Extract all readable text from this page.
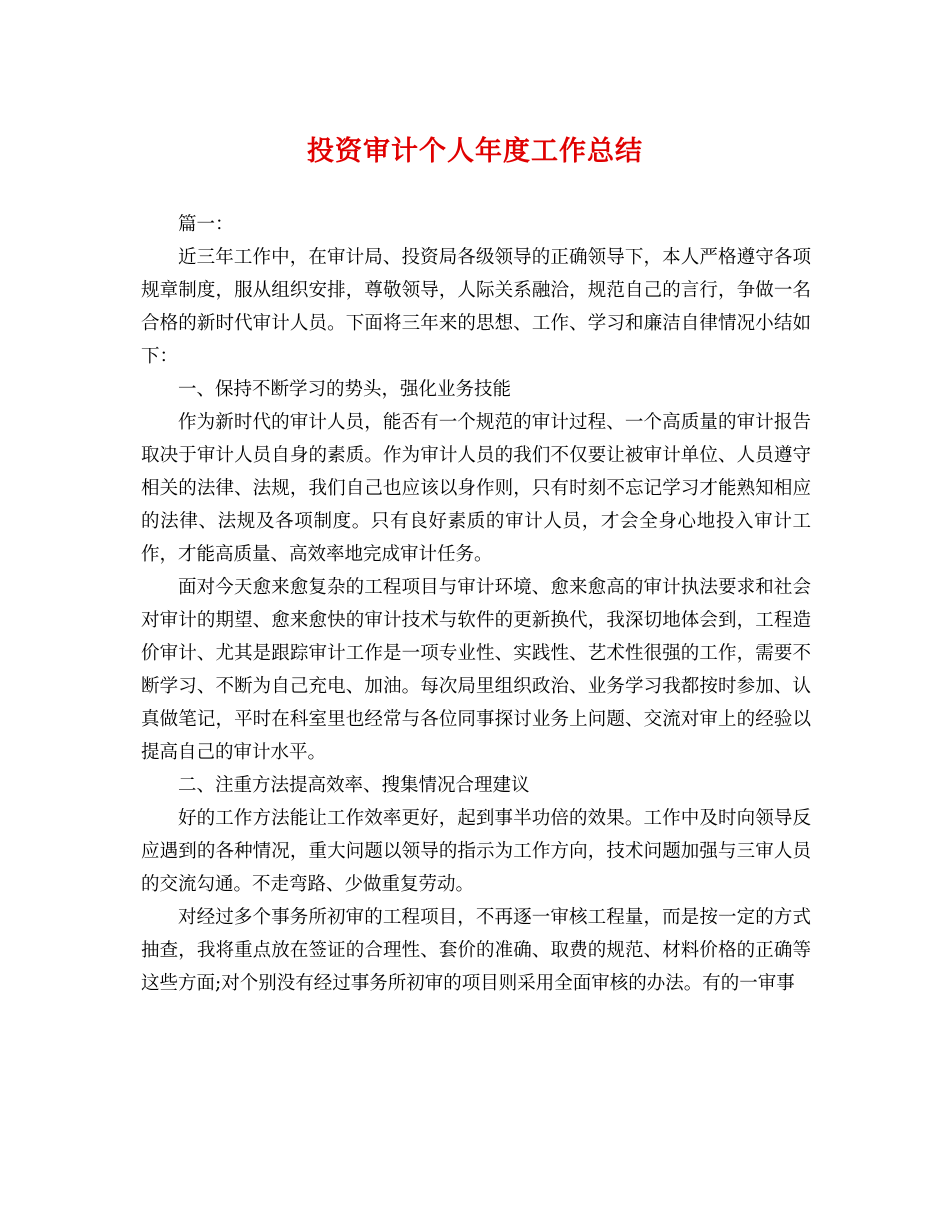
投资审计个人年度工作总结

篇一：

近三年工作中，在审计局、投资局各级领导的正确领导下，本人严格遵守各项规章制度，服从组织安排，尊敬领导，人际关系融洽，规范自己的言行，争做一名合格的新时代审计人员。下面将三年来的思想、工作、学习和廉洁自律情况小结如下：

一、保持不断学习的势头，强化业务技能

作为新时代的审计人员，能否有一个规范的审计过程、一个高质量的审计报告取决于审计人员自身的素质。作为审计人员的我们不仅要让被审计单位、人员遵守相关的法律、法规，我们自己也应该以身作则，只有时刻不忘记学习才能熟知相应的法律、法规及各项制度。只有良好素质的审计人员，才会全身心地投入审计工作，才能高质量、高效率地完成审计任务。

面对今天愈来愈复杂的工程项目与审计环境、愈来愈高的审计执法要求和社会对审计的期望、愈来愈快的审计技术与软件的更新换代，我深切地体会到，工程造价审计、尤其是跟踪审计工作是一项专业性、实践性、艺术性很强的工作，需要不断学习、不断为自己充电、加油。每次局里组织政治、业务学习我都按时参加、认真做笔记，平时在科室里也经常与各位同事探讨业务上问题、交流对审上的经验以提高自己的审计水平。

二、注重方法提高效率、搜集情况合理建议

好的工作方法能让工作效率更好，起到事半功倍的效果。工作中及时向领导反应遇到的各种情况，重大问题以领导的指示为工作方向，技术问题加强与三审人员的交流勾通。不走弯路、少做重复劳动。

对经过多个事务所初审的工程项目，不再逐一审核工程量，而是按一定的方式抽查，我将重点放在签证的合理性、套价的准确、取费的规范、材料价格的正确等这些方面;对个别没有经过事务所初审的项目则采用全面审核的办法。有的一审事
